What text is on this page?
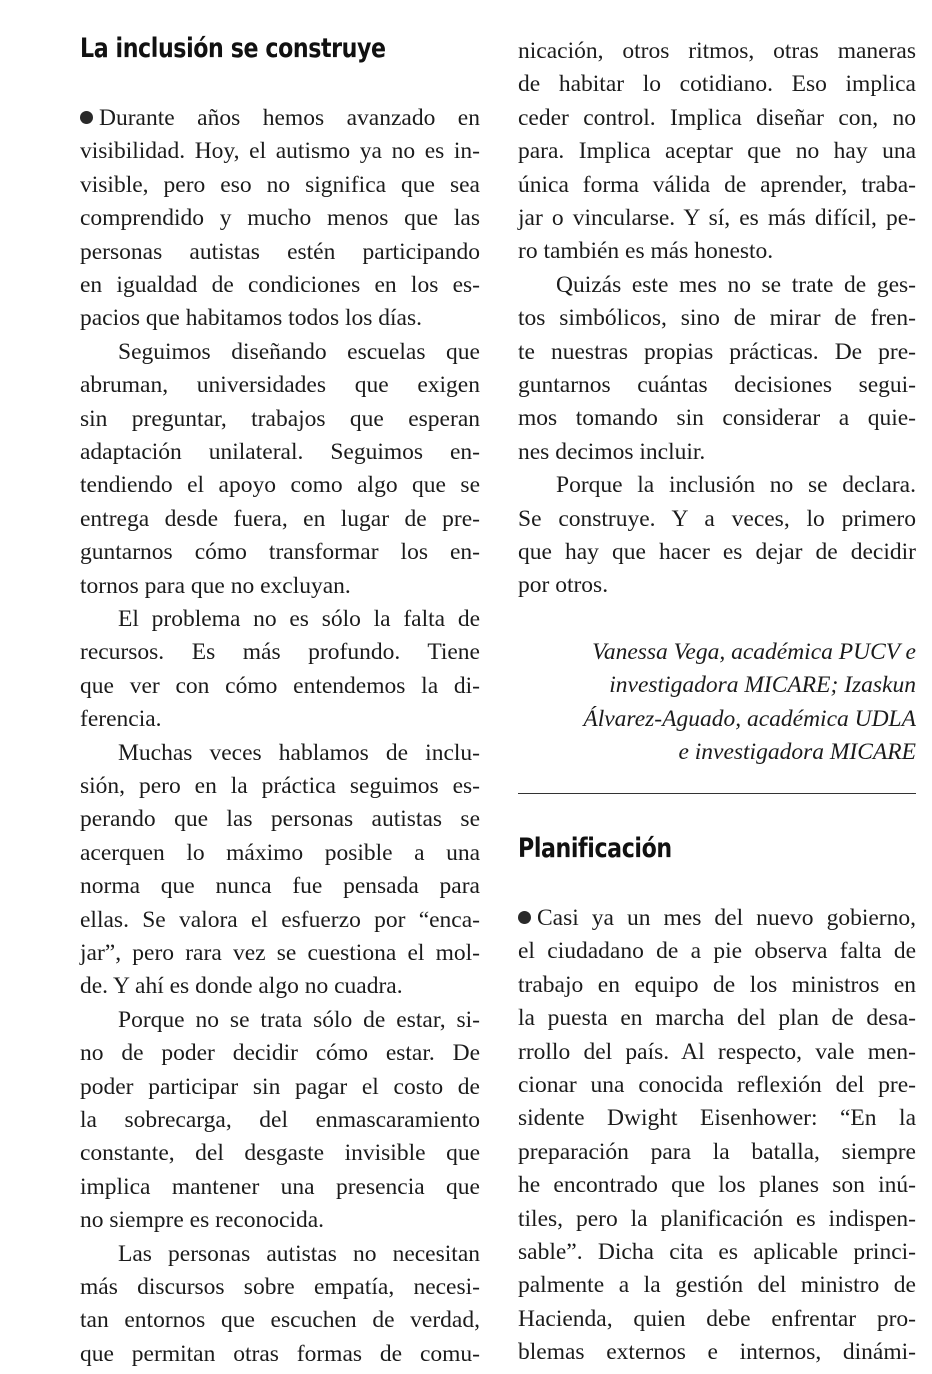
La inclusión se construye
Durante años hemos avanzado en
visibilidad. Hoy, el autismo ya no es in-
visible, pero eso no significa que sea
comprendido y mucho menos que las
personas autistas estén participando
en igualdad de condiciones en los es-
pacios que habitamos todos los días.
Seguimos diseñando escuelas que
abruman, universidades que exigen
sin preguntar, trabajos que esperan
adaptación unilateral. Seguimos en-
tendiendo el apoyo como algo que se
entrega desde fuera, en lugar de pre-
guntarnos cómo transformar los en-
tornos para que no excluyan.
El problema no es sólo la falta de
recursos. Es más profundo. Tiene
que ver con cómo entendemos la di-
ferencia.
Muchas veces hablamos de inclu-
sión, pero en la práctica seguimos es-
perando que las personas autistas se
acerquen lo máximo posible a una
norma que nunca fue pensada para
ellas. Se valora el esfuerzo por “enca-
jar”, pero rara vez se cuestiona el mol-
de. Y ahí es donde algo no cuadra.
Porque no se trata sólo de estar, si-
no de poder decidir cómo estar. De
poder participar sin pagar el costo de
la sobrecarga, del enmascaramiento
constante, del desgaste invisible que
implica mantener una presencia que
no siempre es reconocida.
Las personas autistas no necesitan
más discursos sobre empatía, necesi-
tan entornos que escuchen de verdad,
que permitan otras formas de comu-
nicación, otros ritmos, otras maneras
de habitar lo cotidiano. Eso implica
ceder control. Implica diseñar con, no
para. Implica aceptar que no hay una
única forma válida de aprender, traba-
jar o vincularse. Y sí, es más difícil, pe-
ro también es más honesto.
Quizás este mes no se trate de ges-
tos simbólicos, sino de mirar de fren-
te nuestras propias prácticas. De pre-
guntarnos cuántas decisiones segui-
mos tomando sin considerar a quie-
nes decimos incluir.
Porque la inclusión no se declara.
Se construye. Y a veces, lo primero
que hay que hacer es dejar de decidir
por otros.
Vanessa Vega, académica PUCV e
investigadora MICARE; Izaskun
Álvarez-Aguado, académica UDLA
e investigadora MICARE
Planificación
Casi ya un mes del nuevo gobierno,
el ciudadano de a pie observa falta de
trabajo en equipo de los ministros en
la puesta en marcha del plan de desa-
rrollo del país. Al respecto, vale men-
cionar una conocida reflexión del pre-
sidente Dwight Eisenhower: “En la
preparación para la batalla, siempre
he encontrado que los planes son inú-
tiles, pero la planificación es indispen-
sable”. Dicha cita es aplicable princi-
palmente a la gestión del ministro de
Hacienda, quien debe enfrentar pro-
blemas externos e internos, dinámi-
